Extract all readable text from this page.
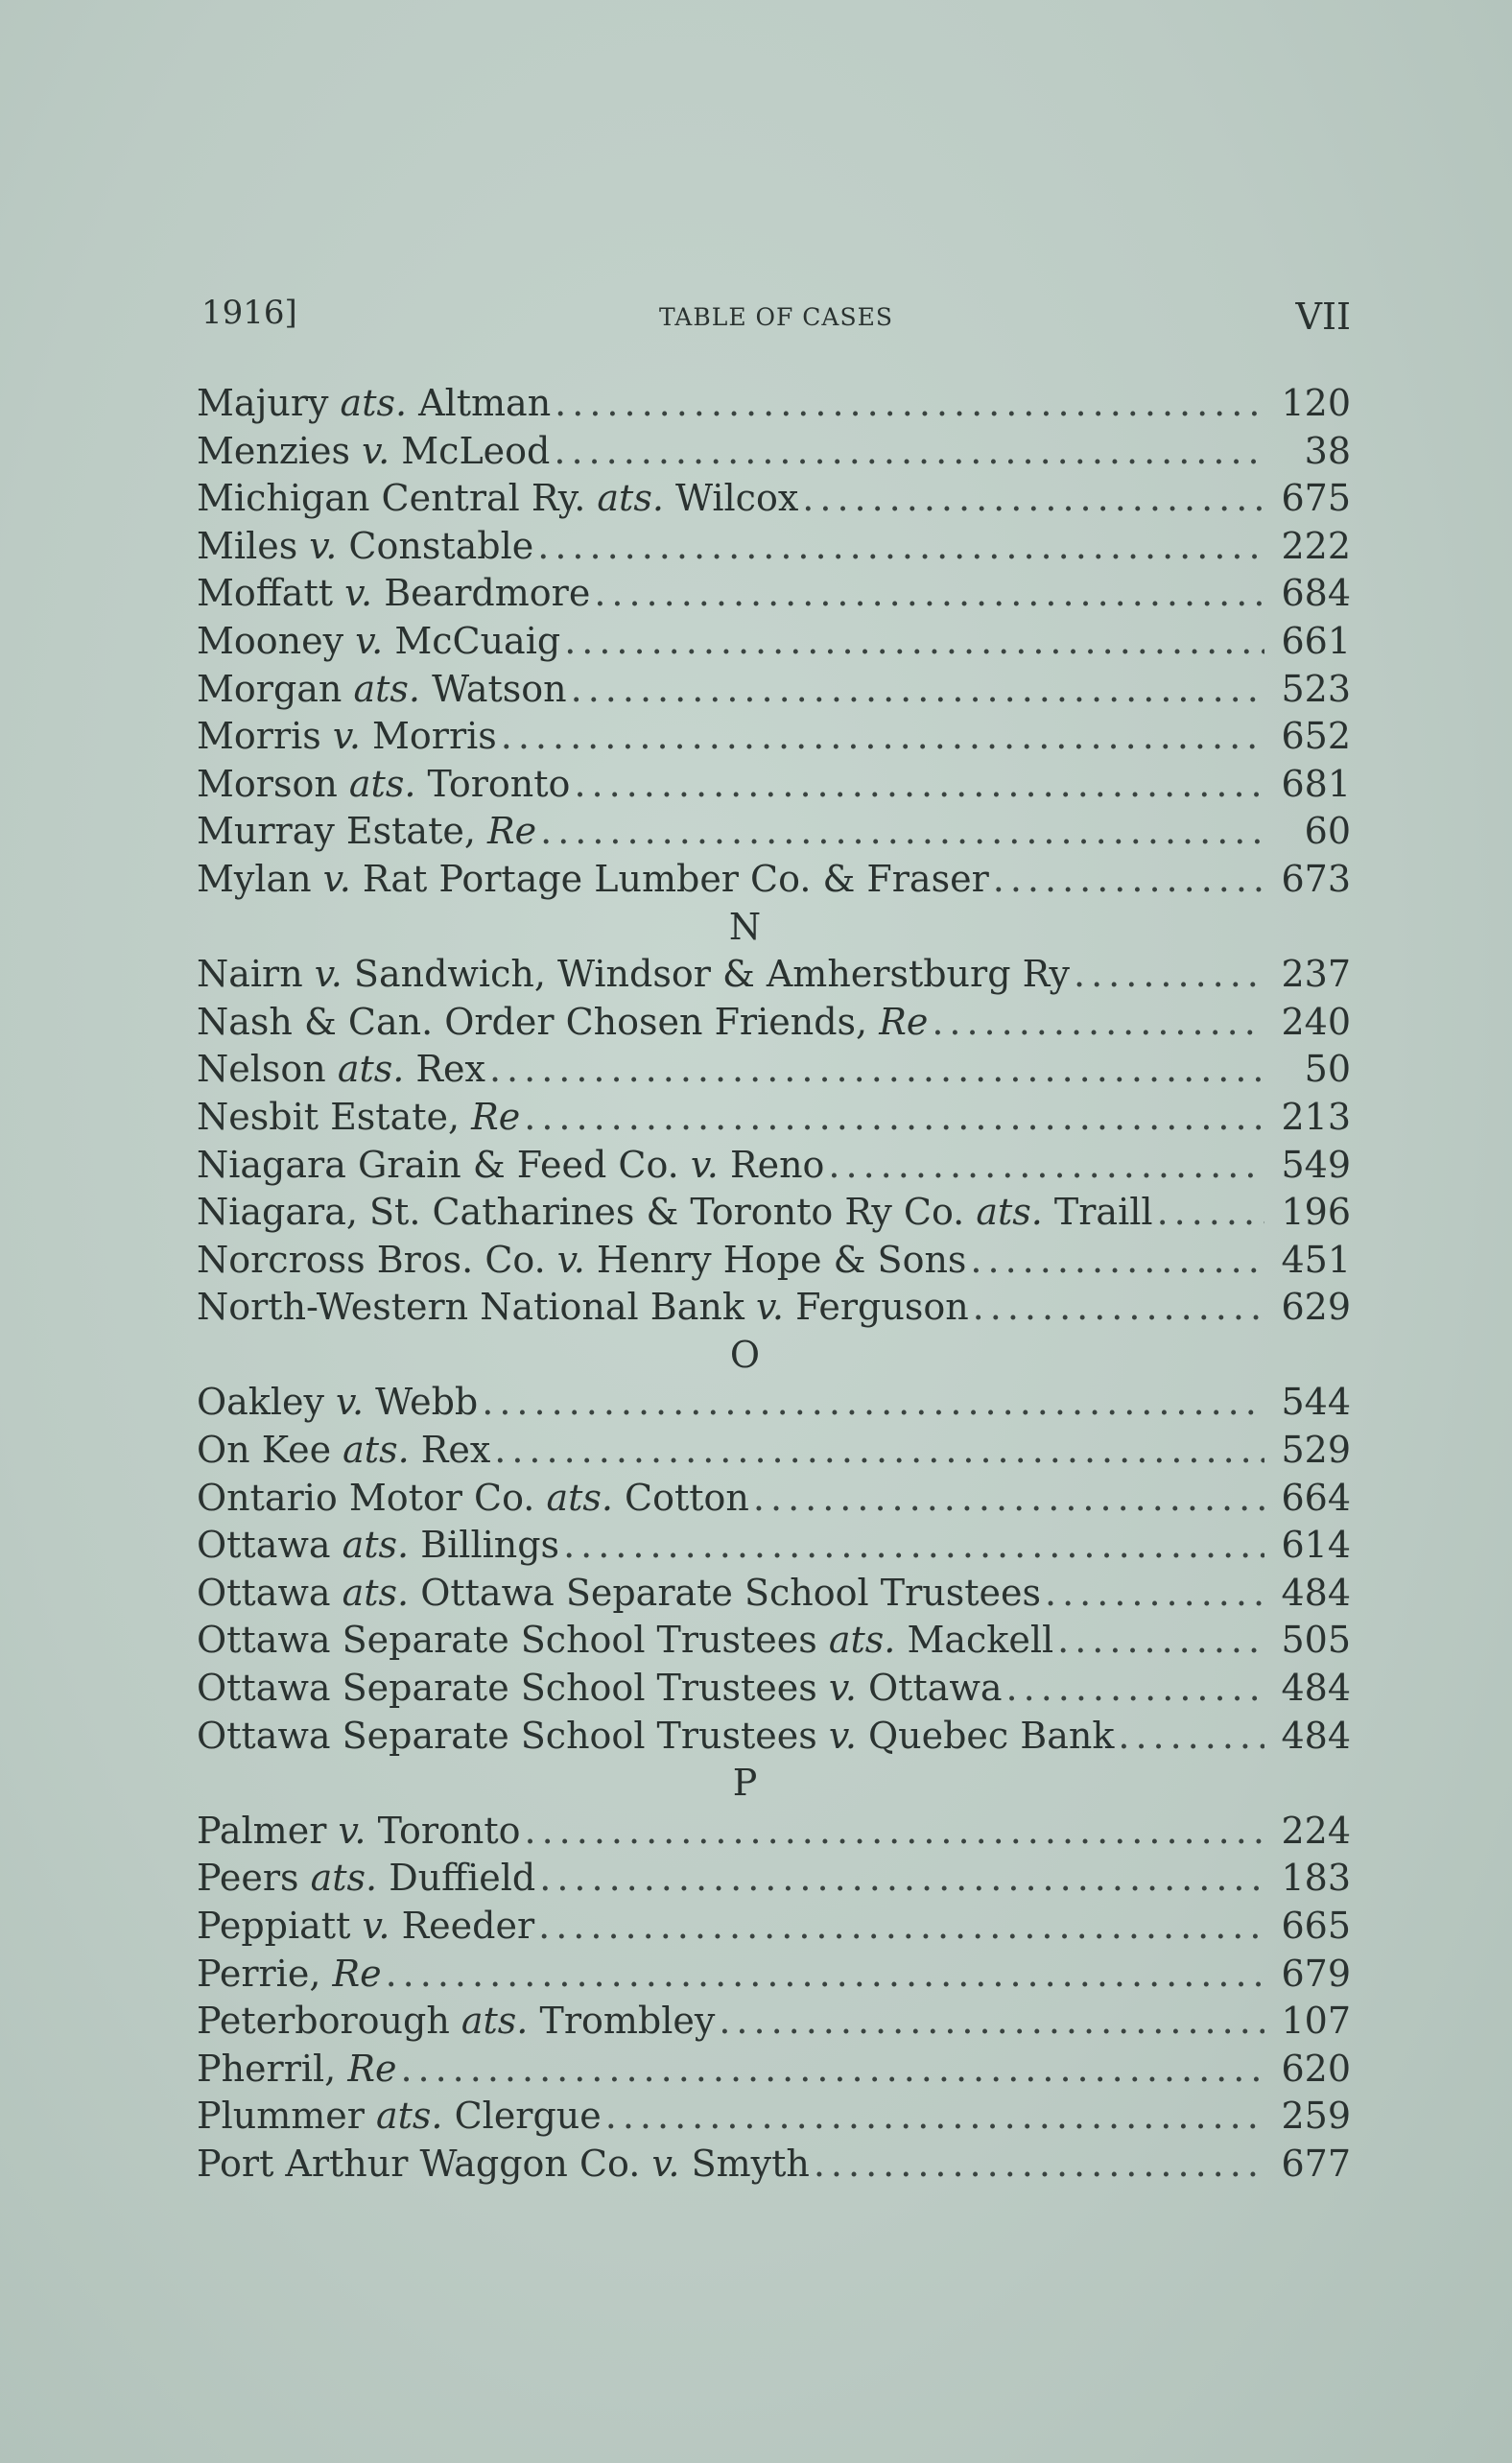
1916]	TABLE OF CASES	VII
Majury ats. Altman .....	120
Menzies v. McLeod .....	38
Michigan Central Ry. ats. Wilcox .....	675
Miles v. Constable .....	222
Moffatt v. Beardmore .....	684
Mooney v. McCuaig .....	661
Morgan ats. Watson .....	523
Morris v. Morris .....	652
Morson ats. Toronto .....	681
Murray Estate, Re .....	60
Mylan v. Rat Portage Lumber Co. & Fraser .....	673
N
Nairn v. Sandwich, Windsor & Amherstburg Ry .....	237
Nash & Can. Order Chosen Friends, Re .....	240
Nelson ats. Rex .....	50
Nesbit Estate, Re .....	213
Niagara Grain & Feed Co. v. Reno .....	549
Niagara, St. Catharines & Toronto Ry Co. ats. Traill .....	196
Norcross Bros. Co. v. Henry Hope & Sons .....	451
North-Western National Bank v. Ferguson .....	629
O
Oakley v. Webb .....	544
On Kee ats. Rex .....	529
Ontario Motor Co. ats. Cotton .....	664
Ottawa ats. Billings .....	614
Ottawa ats. Ottawa Separate School Trustees .....	484
Ottawa Separate School Trustees ats. Mackell .....	505
Ottawa Separate School Trustees v. Ottawa .....	484
Ottawa Separate School Trustees v. Quebec Bank .....	484
P
Palmer v. Toronto .....	224
Peers ats. Duffield .....	183
Peppiatt v. Reeder .....	665
Perrie, Re .....	679
Peterborough ats. Trombley .....	107
Pherril, Re .....	620
Plummer ats. Clergue .....	259
Port Arthur Waggon Co. v. Smyth .....	677
